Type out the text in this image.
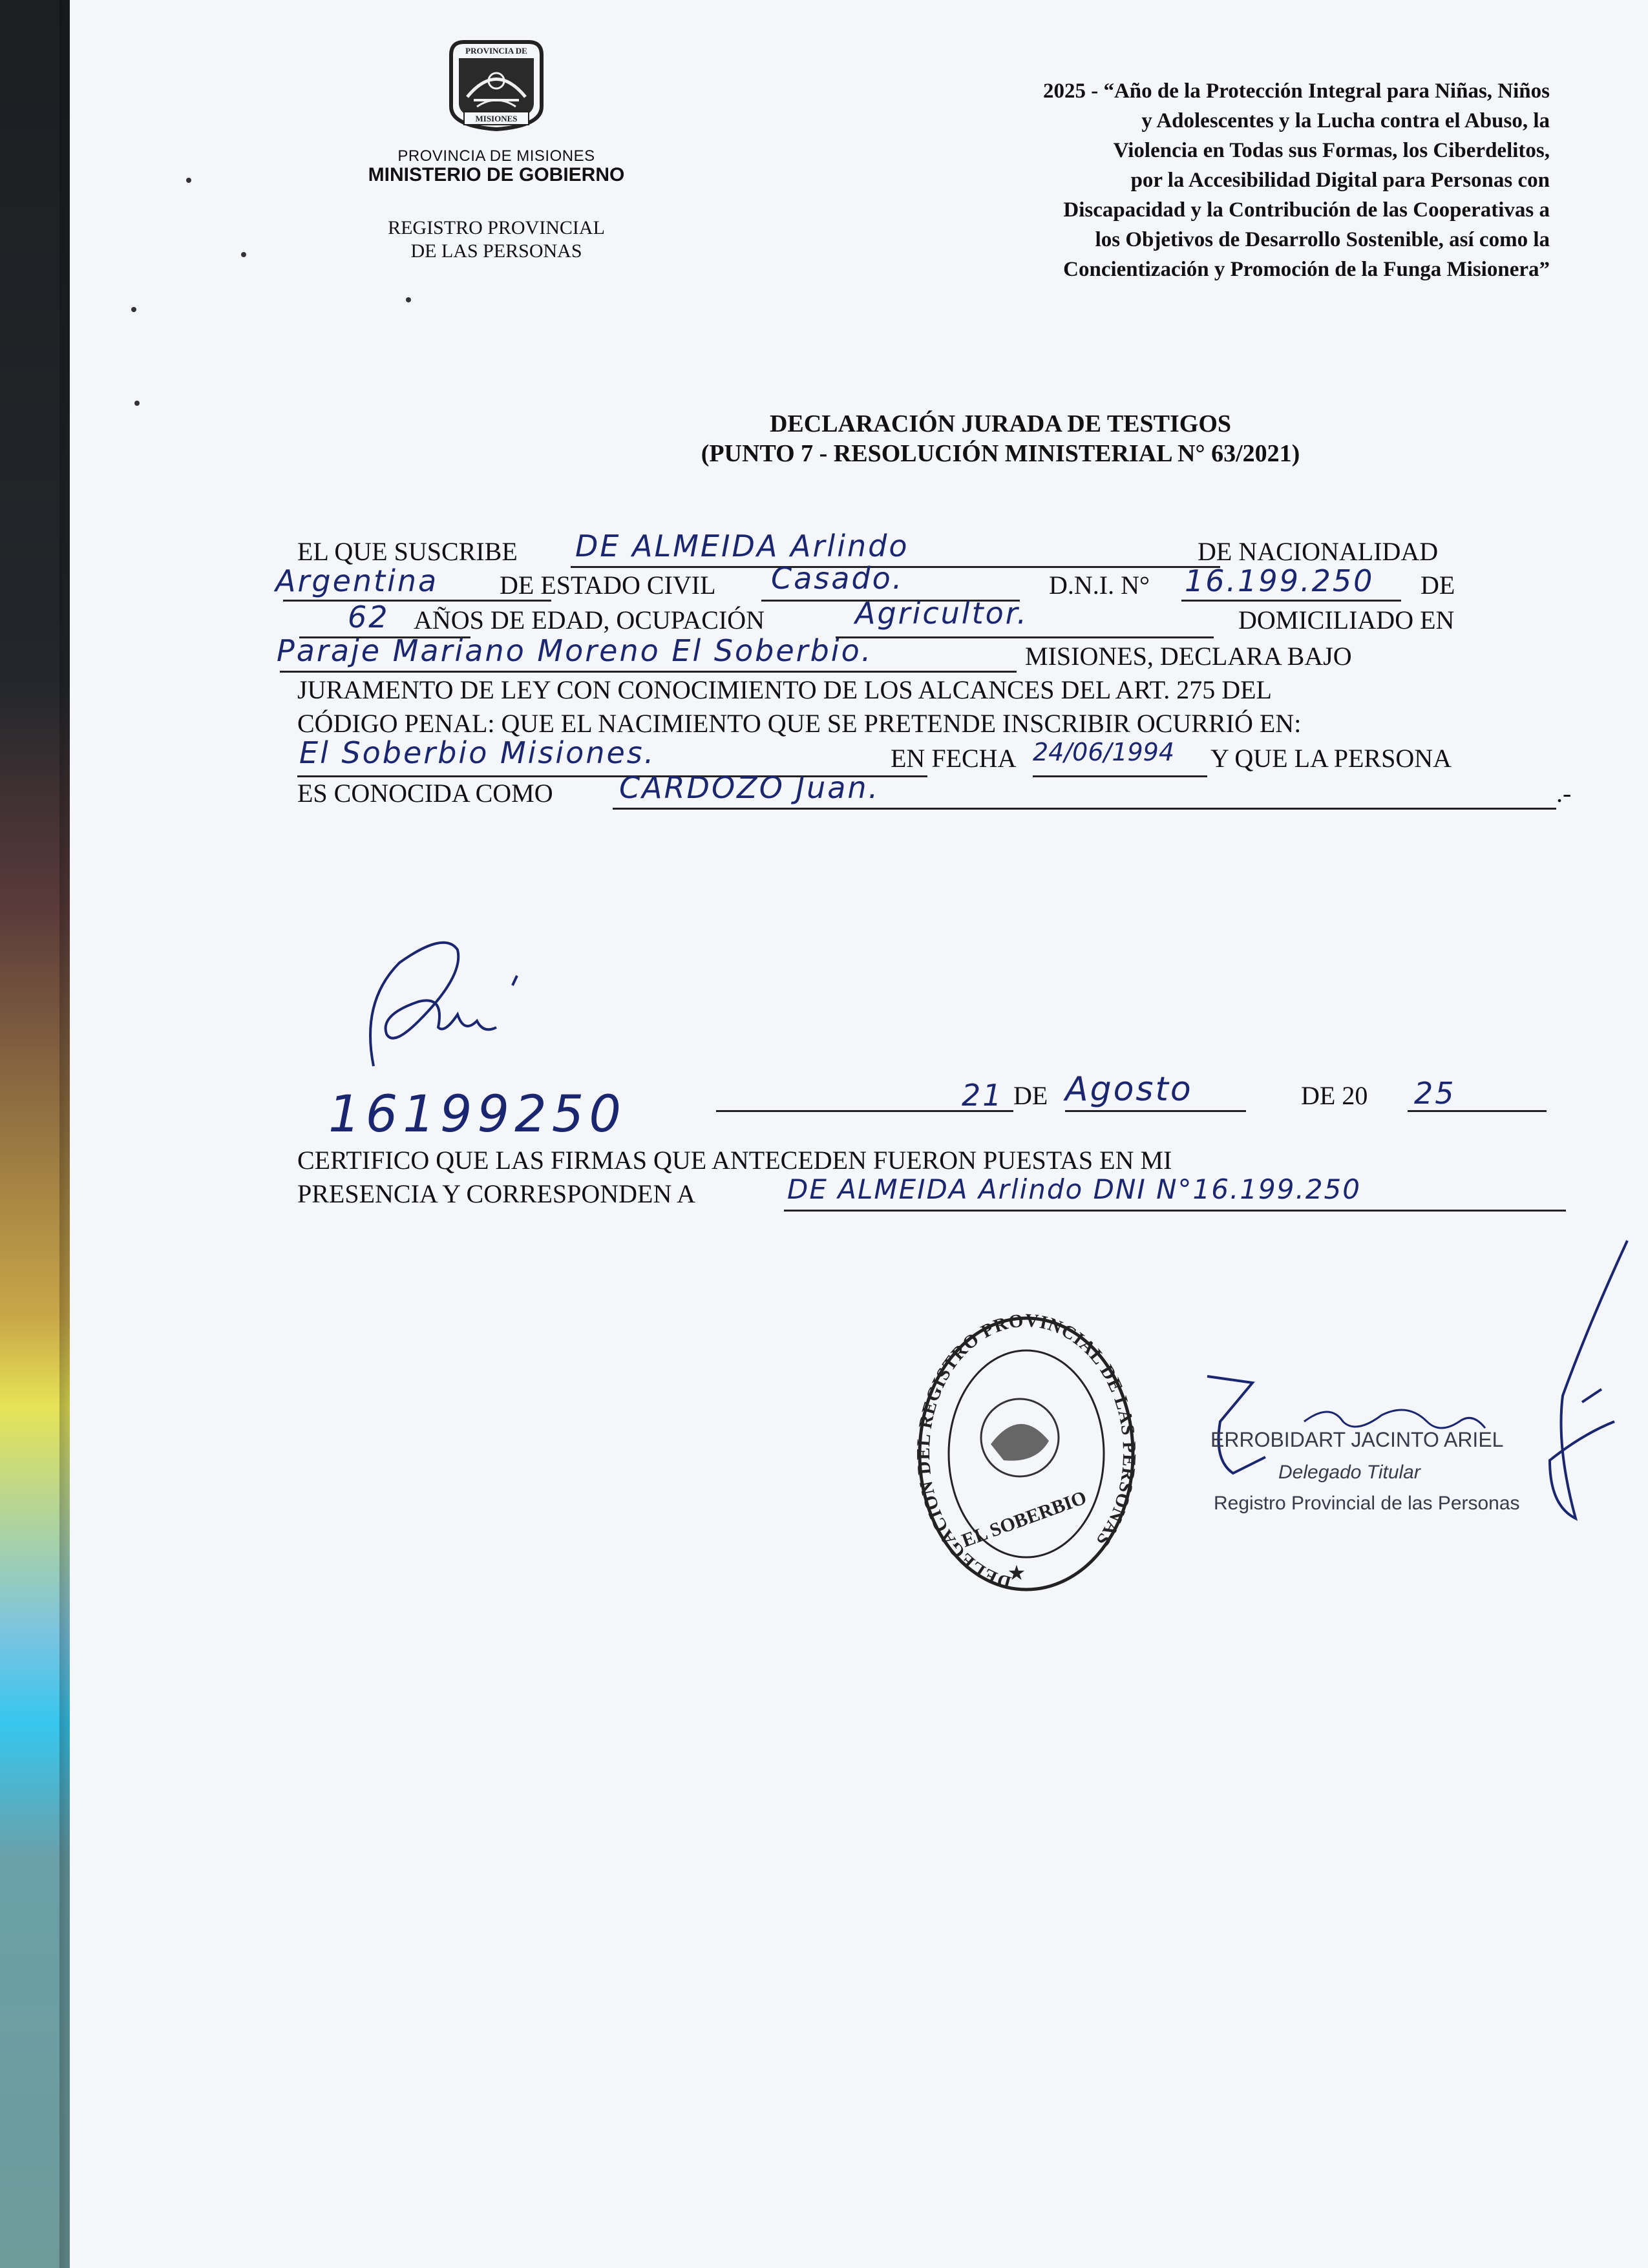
PROVINCIA DE
MISIONES
PROVINCIA DE MISIONES
MINISTERIO DE GOBIERNO
REGISTRO PROVINCIAL
DE LAS PERSONAS
2025 - “Año de la Protección Integral para Niñas, Niños
y Adolescentes y la Lucha contra el Abuso, la
Violencia en Todas sus Formas, los Ciberdelitos,
por la Accesibilidad Digital para Personas con
Discapacidad y la Contribución de las Cooperativas a
los Objetivos de Desarrollo Sostenible, así como la
Concientización y Promoción de la Funga Misionera”
DECLARACIÓN JURADA DE TESTIGOS
(PUNTO 7 - RESOLUCIÓN MINISTERIAL N° 63/2021)
EL QUE SUSCRIBE DE ALMEIDA Arlindo	DE NACIONALIDAD
Argentina DE ESTADO CIVIL Casado.	D.N.I. N° 16.199.250 DE
62 AÑOS DE EDAD, OCUPACIÓN	Agricultor.	DOMICILIADO EN
Paraje Mariano Moreno El Soberbio.	MISIONES, DECLARA BAJO
JURAMENTO DE LEY CON CONOCIMIENTO DE LOS ALCANCES DEL ART. 275 DEL
CÓDIGO PENAL: QUE EL NACIMIENTO QUE SE PRETENDE INSCRIBIR OCURRIÓ EN:
El Soberbio Misiones.	EN FECHA 24/06/1994 Y QUE LA PERSONA
ES CONOCIDA COMO CARDOZO Juan.	.-
16199250	21 DE Agosto	DE 20 25
CERTIFICO QUE LAS FIRMAS QUE ANTECEDEN FUERON PUESTAS EN MI
PRESENCIA Y CORRESPONDEN A	DE ALMEIDA Arlindo DNI N°16.199.250
DELEGACION DEL REGISTRO PROVINCIAL DE LAS PERSONAS
EL SOBERBIO
★
ERROBIDART JACINTO ARIEL
Delegado Titular
Registro Provincial de las Personas
